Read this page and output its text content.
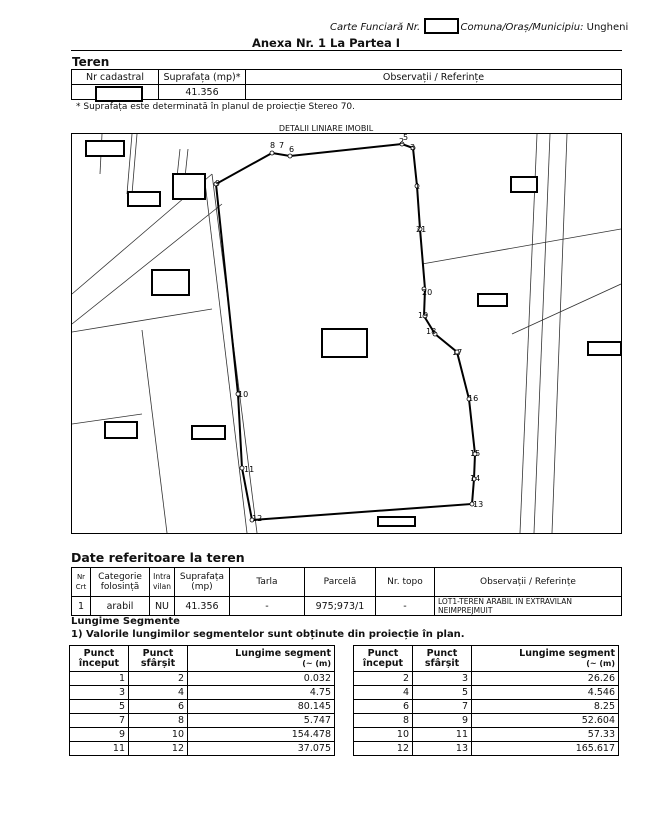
Carte Funciară Nr.	Comuna/Oraș/Municipiu: Ungheni
Anexa Nr. 1 La Partea I
Teren
Nr cadastral	Suprafața (mp)*	Observații / Referințe
	41.356	
* Suprafața este determinată în planul de proiecție Stereo 70.
DETALII LINIARE IMOBIL
1
2
3
5
6
7
8
9
10
11
12
13
14
15
16
17
18
19
20
21
Date referitoare la teren
Nr Crt	Categorie folosință	Intra vilan	Suprafața (mp)	Tarla	Parcelă	Nr. topo	Observații / Referințe
1	arabil	NU	41.356	-	975;973/1	-	LOT1-TEREN ARABIL IN EXTRAVILAN NEIMPREJMUIT
Lungime Segmente
1) Valorile lungimilor segmentelor sunt obținute din proiecție în plan.
Punct început	Punct sfârșit	Lungime segment
(~ (m)
1	2	0.032
3	4	4.75
5	6	80.145
7	8	5.747
9	10	154.478
11	12	37.075
Punct început	Punct sfârșit	Lungime segment
(~ (m)
2	3	26.26
4	5	4.546
6	7	8.25
8	9	52.604
10	11	57.33
12	13	165.617
